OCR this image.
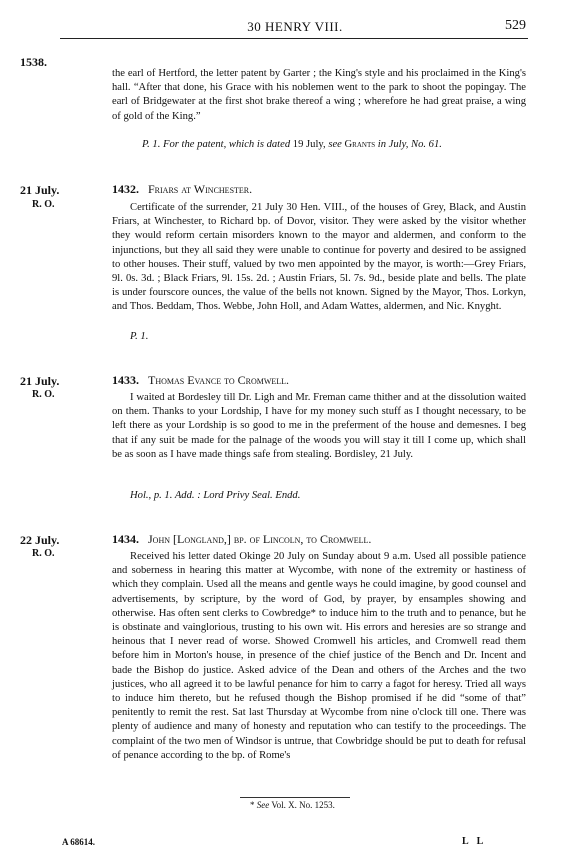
30 HENRY VIII.	529
1538.

the earl of Hertford, the letter patent by Garter ; the King's style and his proclaimed in the King's hall. “After that done, his Grace with his noblemen went to the park to shoot the popingay. The earl of Bridgewater at the first shot brake thereof a wing ; wherefore he had great praise, a wing of gold of the King.”

P. 1. For the patent, which is dated 19 July, see Grants in July, No. 61.
21 July.
R. O.
1432. Friars at Winchester.

Certificate of the surrender, 21 July 30 Hen. VIII., of the houses of Grey, Black, and Austin Friars, at Winchester, to Richard bp. of Dovor, visitor. They were asked by the visitor whether they would reform certain misorders known to the mayor and aldermen, and conform to the injunctions, but they all said they were unable to continue for poverty and desired to be assigned to other houses. Their stuff, valued by two men appointed by the mayor, is worth:—Grey Friars, 9l. 0s. 3d. ; Black Friars, 9l. 15s. 2d. ; Austin Friars, 5l. 7s. 9d., beside plate and bells. The plate is under fourscore ounces, the value of the bells not known. Signed by the Mayor, Thos. Lorkyn, and Thos. Beddam, Thos. Webbe, John Holl, and Adam Wattes, aldermen, and Nic. Knyght.

P. 1.
21 July.
R. O.
1433. Thomas Evance to Cromwell.

I waited at Bordesley till Dr. Ligh and Mr. Freman came thither and at the dissolution waited on them. Thanks to your Lordship, I have for my money such stuff as I thought necessary, to be left there as your Lordship is so good to me in the preferment of the house and demesnes. I beg that if any suit be made for the palnage of the woods you will stay it till I come up, which shall be as soon as I have made things safe from stealing. Bordisley, 21 July.

Hol., p. 1. Add. : Lord Privy Seal. Endd.
22 July.
R. O.
1434. John [Longland,] bp. of Lincoln, to Cromwell.

Received his letter dated Okinge 20 July on Sunday about 9 a.m. Used all possible patience and soberness in hearing this matter at Wycombe, with none of the extremity or hastiness of which they complain. Used all the means and gentle ways he could imagine, by good counsel and advertisements, by scripture, by the word of God, by prayer, by ensamples showing and otherwise. Has often sent clerks to Cowbredge* to induce him to the truth and to penance, but he is obstinate and vainglorious, trusting to his own wit. His errors and heresies are so strange and heinous that I never read of worse. Showed Cromwell his articles, and Cromwell read them before him in Morton's house, in presence of the chief justice of the Bench and Dr. Incent and bade the Bishop do justice. Asked advice of the Dean and others of the Arches and the two justices, who all agreed it to be lawful penance for him to carry a fagot for heresy. Tried all ways to induce him thereto, but he refused though the Bishop promised if he did “some of that” penitently to remit the rest. Sat last Thursday at Wycombe from nine o'clock till one. There was plenty of audience and many of honesty and reputation who can testify to the proceedings. The complaint of the two men of Windsor is untrue, that Cowbridge should be put to death for refusal of penance according to the bp. of Rome's

* See Vol. X. No. 1253.
A 68614.	L L
